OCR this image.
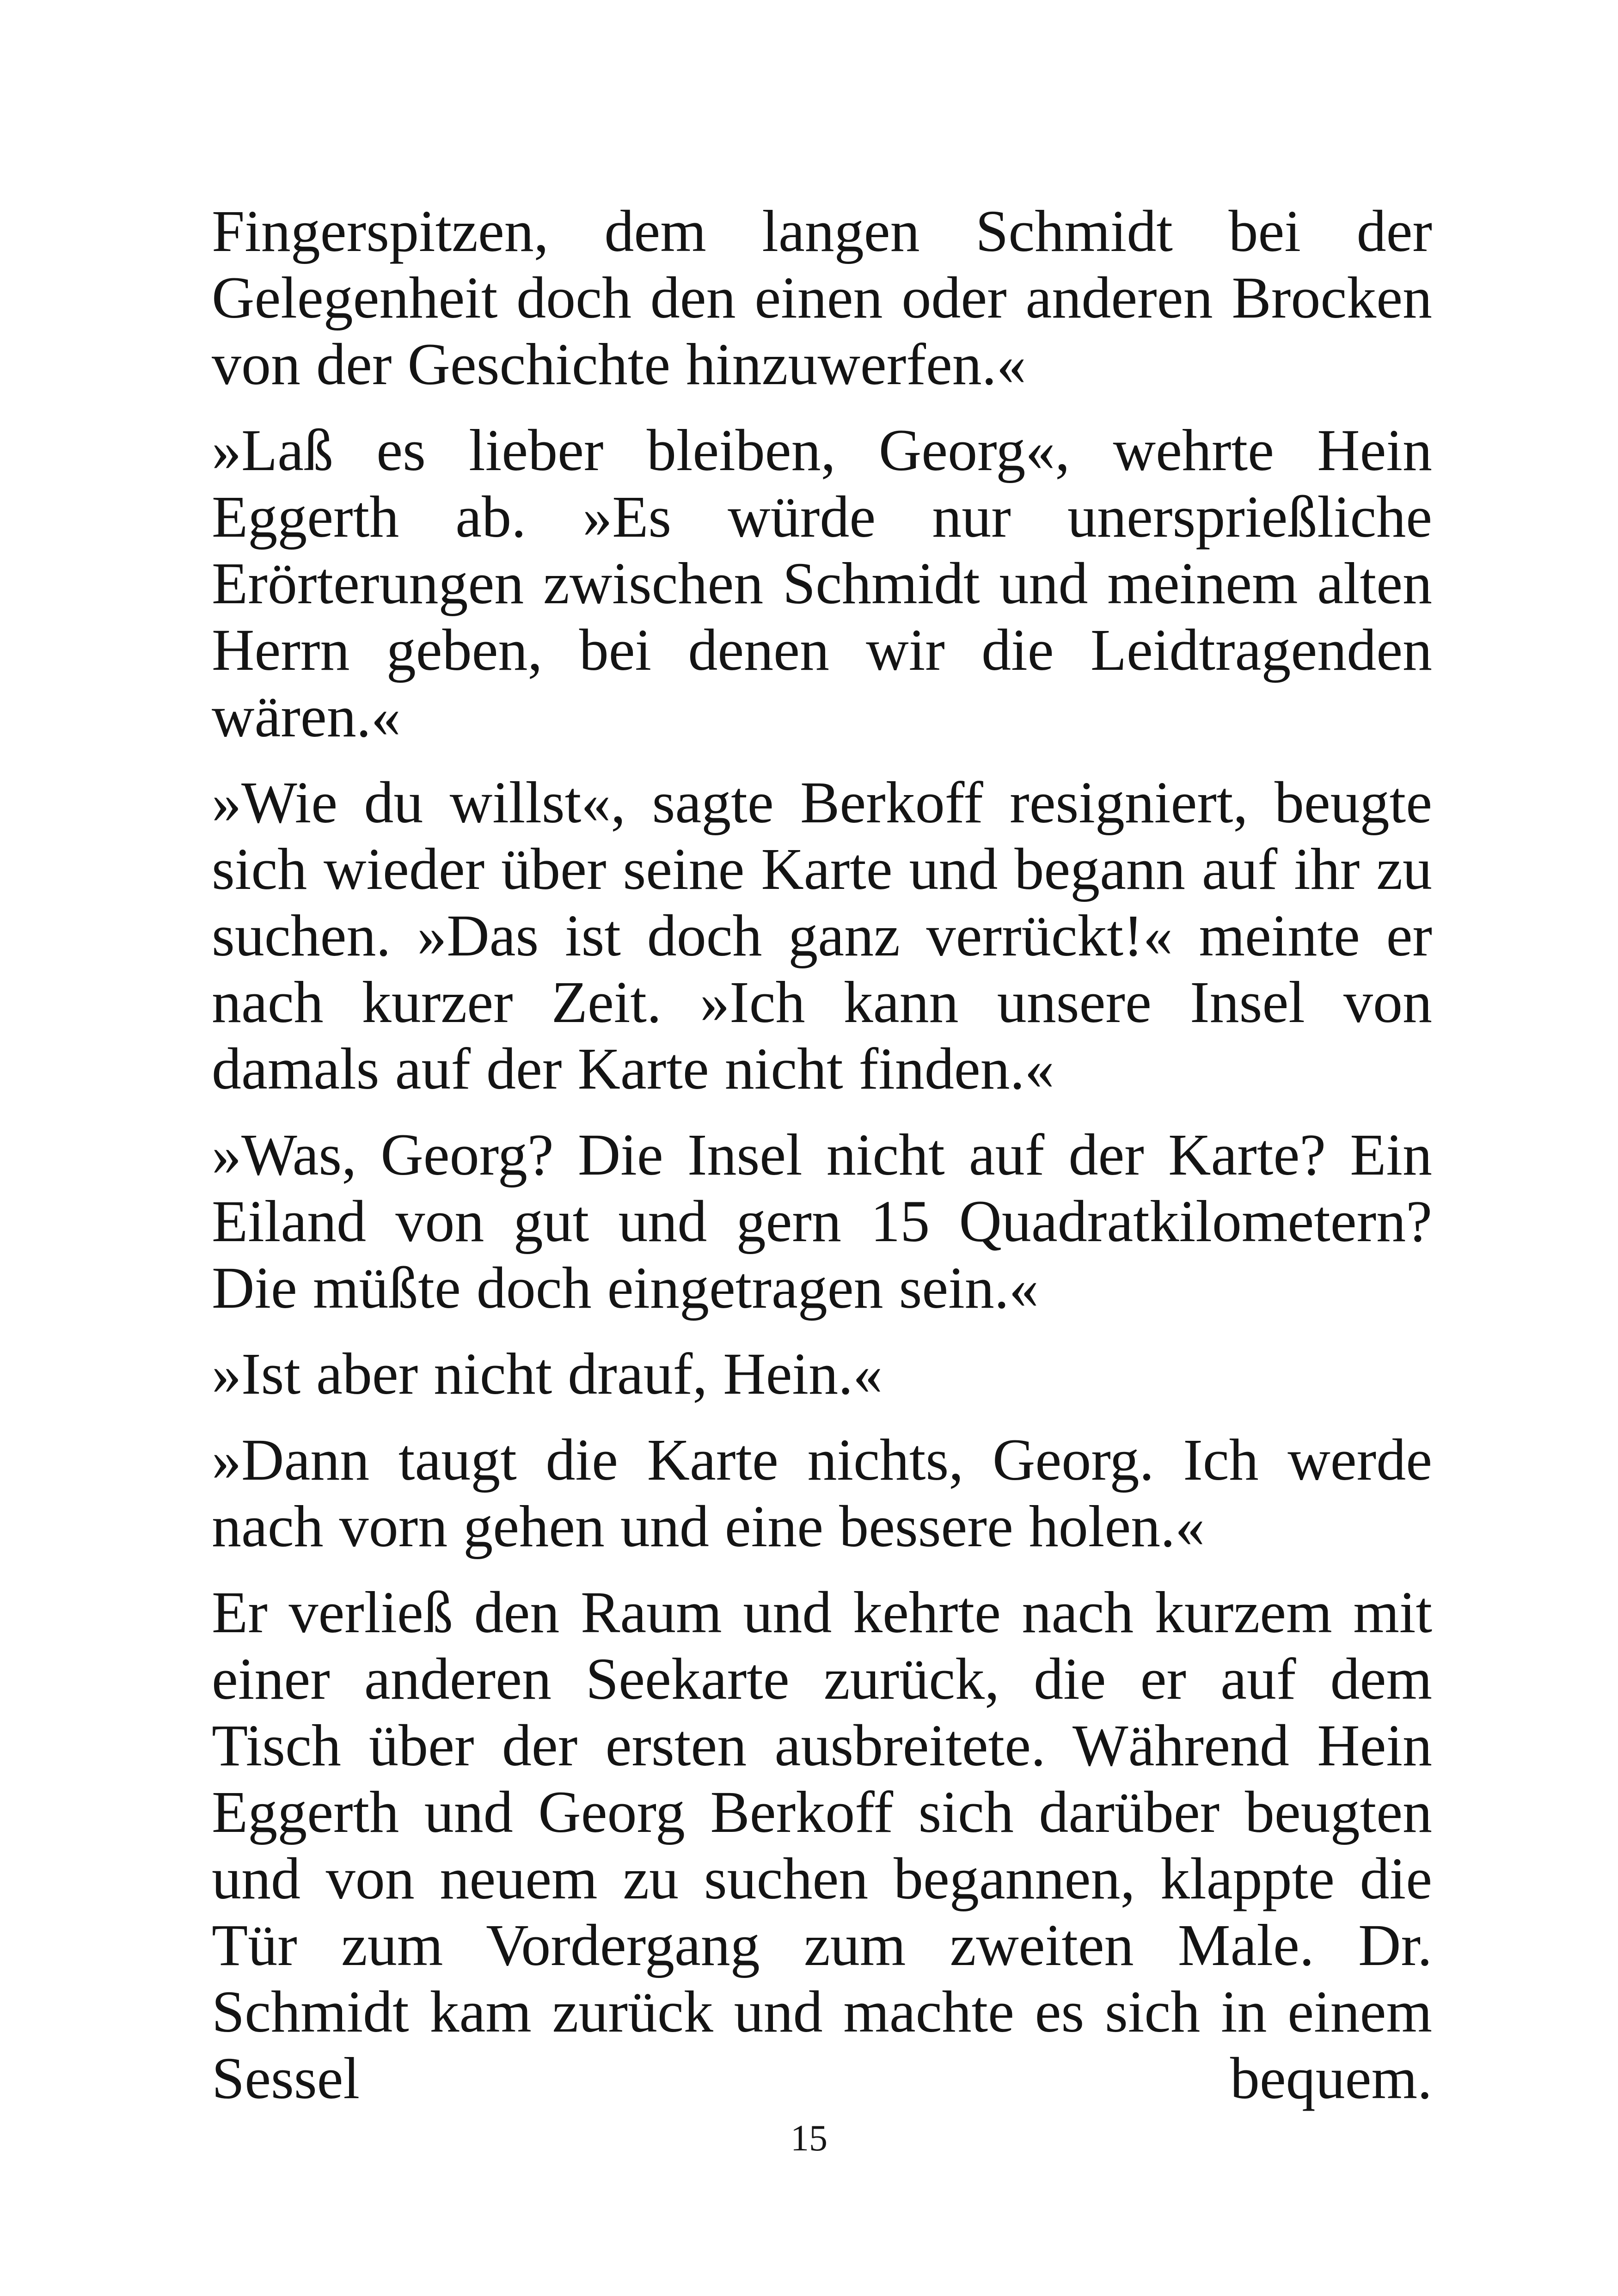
Fingerspitzen, dem langen Schmidt bei der Gelegenheit doch den einen oder anderen Brocken von der Geschichte hinzuwerfen.«

»Laß es lieber bleiben, Georg«, wehrte Hein Eggerth ab. »Es würde nur unersprießliche Erörterungen zwischen Schmidt und meinem alten Herrn geben, bei denen wir die Leidtragenden wären.«

»Wie du willst«, sagte Berkoff resigniert, beugte sich wieder über seine Karte und begann auf ihr zu suchen. »Das ist doch ganz verrückt!« meinte er nach kurzer Zeit. »Ich kann unsere Insel von damals auf der Karte nicht finden.«

»Was, Georg? Die Insel nicht auf der Karte? Ein Eiland von gut und gern 15 Quadratkilometern? Die müßte doch eingetragen sein.«

»Ist aber nicht drauf, Hein.«

»Dann taugt die Karte nichts, Georg. Ich werde nach vorn gehen und eine bessere holen.«

Er verließ den Raum und kehrte nach kurzem mit einer anderen Seekarte zurück, die er auf dem Tisch über der ersten ausbreitete. Während Hein Eggerth und Georg Berkoff sich darüber beugten und von neuem zu suchen begannen, klappte die Tür zum Vordergang zum zweiten Male. Dr. Schmidt kam zurück und machte es sich in einem Sessel bequem.

15
